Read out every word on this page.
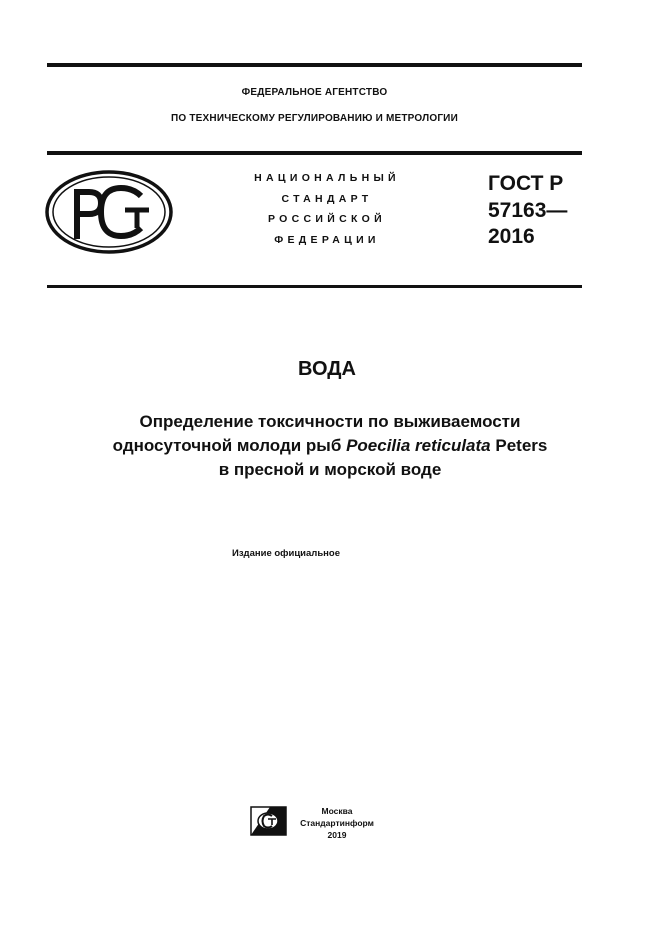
ФЕДЕРАЛЬНОЕ АГЕНТСТВО
ПО ТЕХНИЧЕСКОМУ РЕГУЛИРОВАНИЮ И МЕТРОЛОГИИ
НАЦИОНАЛЬНЫЙ
СТАНДАРТ
РОССИЙСКОЙ
ФЕДЕРАЦИИ
ГОСТ Р
57163—
2016
ВОДА
Определение токсичности по выживаемости
односуточной молоди рыб Poecilia reticulata Peters
в пресной и морской воде
Издание официальное
Москва
Стандартинформ
2019
